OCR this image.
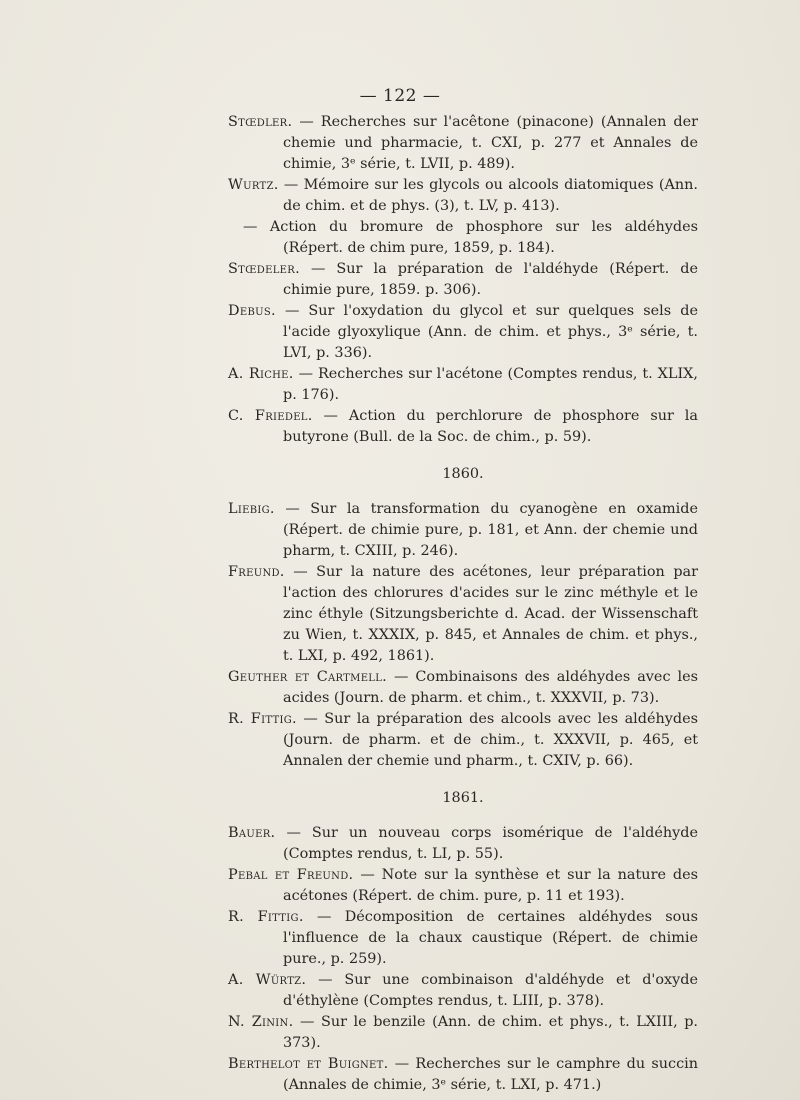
— 122 —

Stœdler. — Recherches sur l'acêtone (pinacone) (Annalen der chemie und pharmacie, t. CXI, p. 277 et Annales de chimie, 3ᵉ série, t. LVII, p. 489).

Wurtz. — Mémoire sur les glycols ou alcools diatomiques (Ann. de chim. et de phys. (3), t. LV, p. 413).

— Action du bromure de phosphore sur les aldéhydes (Répert. de chim pure, 1859, p. 184).

Stœdeler. — Sur la préparation de l'aldéhyde (Répert. de chimie pure, 1859. p. 306).

Debus. — Sur l'oxydation du glycol et sur quelques sels de l'acide glyoxylique (Ann. de chim. et phys., 3ᵉ série, t. LVI, p. 336).

A. Riche. — Recherches sur l'acétone (Comptes rendus, t. XLIX, p. 176).

C. Friedel. — Action du perchlorure de phosphore sur la butyrone (Bull. de la Soc. de chim., p. 59).

1860.

Liebig. — Sur la transformation du cyanogène en oxamide (Répert. de chimie pure, p. 181, et Ann. der chemie und pharm, t. CXIII, p. 246).

Freund. — Sur la nature des acétones, leur préparation par l'action des chlorures d'acides sur le zinc méthyle et le zinc éthyle (Sitzungsberichte d. Acad. der Wissenschaft zu Wien, t. XXXIX, p. 845, et Annales de chim. et phys., t. LXI, p. 492, 1861).

Geuther et Cartmell. — Combinaisons des aldéhydes avec les acides (Journ. de pharm. et chim., t. XXXVII, p. 73).

R. Fittig. — Sur la préparation des alcools avec les aldéhydes (Journ. de pharm. et de chim., t. XXXVII, p. 465, et Annalen der chemie und pharm., t. CXIV, p. 66).

1861.

Bauer. — Sur un nouveau corps isomérique de l'aldéhyde (Comptes rendus, t. LI, p. 55).

Pebal et Freund. — Note sur la synthèse et sur la nature des acétones (Répert. de chim. pure, p. 11 et 193).

R. Fittig. — Décomposition de certaines aldéhydes sous l'influence de la chaux caustique (Répert. de chimie pure., p. 259).

A. Würtz. — Sur une combinaison d'aldéhyde et d'oxyde d'éthylène (Comptes rendus, t. LIII, p. 378).

N. Zinin. — Sur le benzile (Ann. de chim. et phys., t. LXIII, p. 373).

Berthelot et Buignet. — Recherches sur le camphre du succin (Annales de chimie, 3ᵉ série, t. LXI, p. 471.)
